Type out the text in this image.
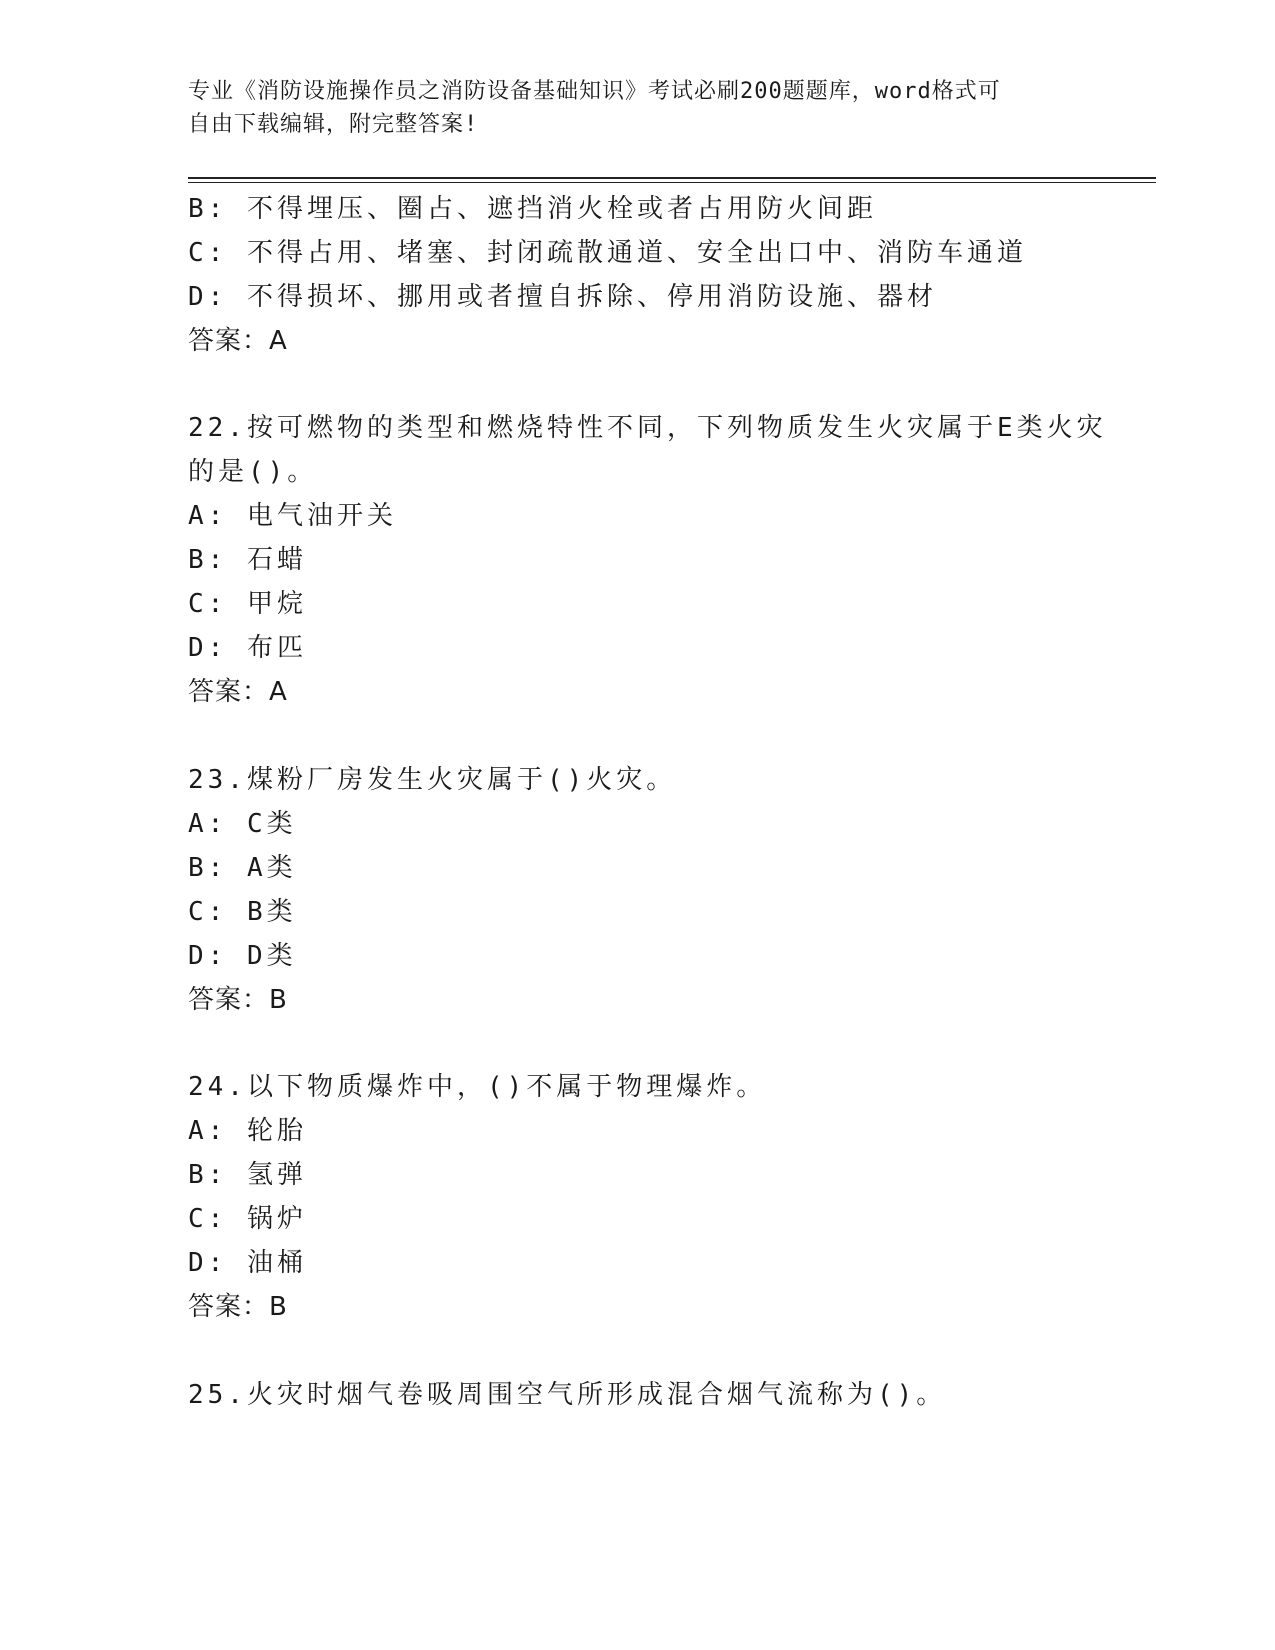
专业《消防设施操作员之消防设备基础知识》考试必刷200题题库，word格式可
自由下载编辑，附完整答案!
B: 不得埋压、圈占、遮挡消火栓或者占用防火间距
C: 不得占用、堵塞、封闭疏散通道、安全出口中、消防车通道
D: 不得损坏、挪用或者擅自拆除、停用消防设施、器材
答案：A
22.按可燃物的类型和燃烧特性不同，下列物质发生火灾属于E类火灾
的是()。
A: 电气油开关
B: 石蜡
C: 甲烷
D: 布匹
答案：A
23.煤粉厂房发生火灾属于()火灾。
A: C类
B: A类
C: B类
D: D类
答案：B
24.以下物质爆炸中，()不属于物理爆炸。
A: 轮胎
B: 氢弹
C: 锅炉
D: 油桶
答案：B
25.火灾时烟气卷吸周围空气所形成混合烟气流称为()。
